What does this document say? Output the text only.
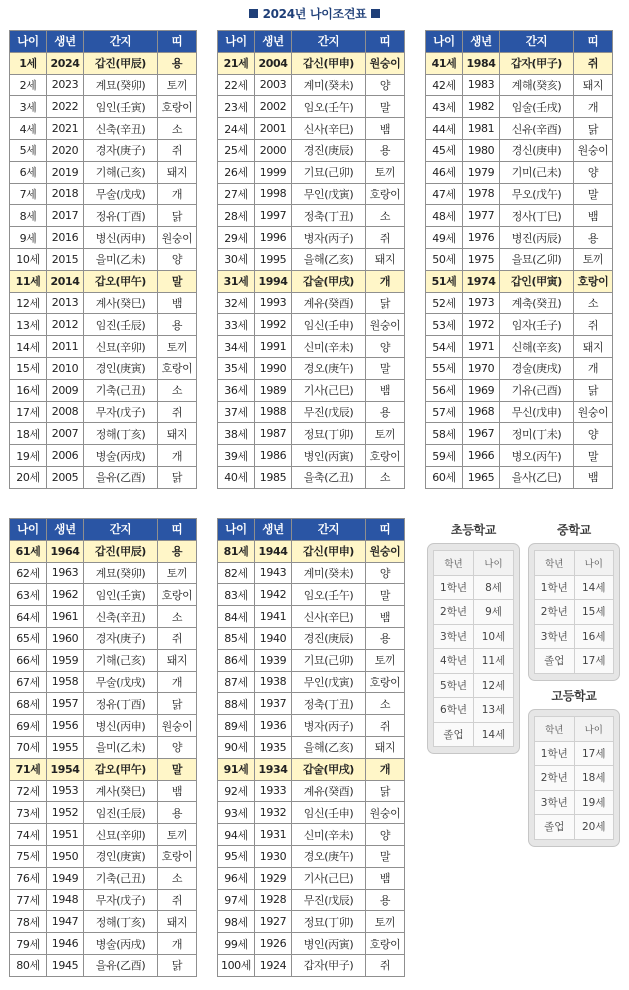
2024년 나이조견표
나이	생년	간지	띠
1세	2024	갑진(甲辰)	용
2세	2023	계묘(癸卯)	토끼
3세	2022	임인(壬寅)	호랑이
4세	2021	신축(辛丑)	소
5세	2020	경자(庚子)	쥐
6세	2019	기해(己亥)	돼지
7세	2018	무술(戊戌)	개
8세	2017	정유(丁酉)	닭
9세	2016	병신(丙申)	원숭이
10세	2015	을미(乙未)	양
11세	2014	갑오(甲午)	말
12세	2013	계사(癸巳)	뱀
13세	2012	임진(壬辰)	용
14세	2011	신묘(辛卯)	토끼
15세	2010	경인(庚寅)	호랑이
16세	2009	기축(己丑)	소
17세	2008	무자(戊子)	쥐
18세	2007	정해(丁亥)	돼지
19세	2006	병술(丙戌)	개
20세	2005	을유(乙酉)	닭
나이	생년	간지	띠
21세	2004	갑신(甲申)	원숭이
22세	2003	계미(癸未)	양
23세	2002	임오(壬午)	말
24세	2001	신사(辛巳)	뱀
25세	2000	경진(庚辰)	용
26세	1999	기묘(己卯)	토끼
27세	1998	무인(戊寅)	호랑이
28세	1997	정축(丁丑)	소
29세	1996	병자(丙子)	쥐
30세	1995	을해(乙亥)	돼지
31세	1994	갑술(甲戌)	개
32세	1993	계유(癸酉)	닭
33세	1992	임신(壬申)	원숭이
34세	1991	신미(辛未)	양
35세	1990	경오(庚午)	말
36세	1989	기사(己巳)	뱀
37세	1988	무진(戊辰)	용
38세	1987	정묘(丁卯)	토끼
39세	1986	병인(丙寅)	호랑이
40세	1985	을축(乙丑)	소
나이	생년	간지	띠
41세	1984	갑자(甲子)	쥐
42세	1983	계해(癸亥)	돼지
43세	1982	임술(壬戌)	개
44세	1981	신유(辛酉)	닭
45세	1980	경신(庚申)	원숭이
46세	1979	기미(己未)	양
47세	1978	무오(戊午)	말
48세	1977	정사(丁巳)	뱀
49세	1976	병진(丙辰)	용
50세	1975	을묘(乙卯)	토끼
51세	1974	갑인(甲寅)	호랑이
52세	1973	계축(癸丑)	소
53세	1972	임자(壬子)	쥐
54세	1971	신해(辛亥)	돼지
55세	1970	경술(庚戌)	개
56세	1969	기유(己酉)	닭
57세	1968	무신(戊申)	원숭이
58세	1967	정미(丁未)	양
59세	1966	병오(丙午)	말
60세	1965	을사(乙巳)	뱀
나이	생년	간지	띠
61세	1964	갑진(甲辰)	용
62세	1963	계묘(癸卯)	토끼
63세	1962	임인(壬寅)	호랑이
64세	1961	신축(辛丑)	소
65세	1960	경자(庚子)	쥐
66세	1959	기해(己亥)	돼지
67세	1958	무술(戊戌)	개
68세	1957	정유(丁酉)	닭
69세	1956	병신(丙申)	원숭이
70세	1955	을미(乙未)	양
71세	1954	갑오(甲午)	말
72세	1953	계사(癸巳)	뱀
73세	1952	임진(壬辰)	용
74세	1951	신묘(辛卯)	토끼
75세	1950	경인(庚寅)	호랑이
76세	1949	기축(己丑)	소
77세	1948	무자(戊子)	쥐
78세	1947	정해(丁亥)	돼지
79세	1946	병술(丙戌)	개
80세	1945	을유(乙酉)	닭
나이	생년	간지	띠
81세	1944	갑신(甲申)	원숭이
82세	1943	계미(癸未)	양
83세	1942	임오(壬午)	말
84세	1941	신사(辛巳)	뱀
85세	1940	경진(庚辰)	용
86세	1939	기묘(己卯)	토끼
87세	1938	무인(戊寅)	호랑이
88세	1937	정축(丁丑)	소
89세	1936	병자(丙子)	쥐
90세	1935	을해(乙亥)	돼지
91세	1934	갑술(甲戌)	개
92세	1933	계유(癸酉)	닭
93세	1932	임신(壬申)	원숭이
94세	1931	신미(辛未)	양
95세	1930	경오(庚午)	말
96세	1929	기사(己巳)	뱀
97세	1928	무진(戊辰)	용
98세	1927	정묘(丁卯)	토끼
99세	1926	병인(丙寅)	호랑이
100세	1924	갑자(甲子)	쥐
초등학교
학년	나이
1학년	8세
2학년	9세
3학년	10세
4학년	11세
5학년	12세
6학년	13세
졸업	14세
중학교
학년	나이
1학년	14세
2학년	15세
3학년	16세
졸업	17세
고등학교
학년	나이
1학년	17세
2학년	18세
3학년	19세
졸업	20세
